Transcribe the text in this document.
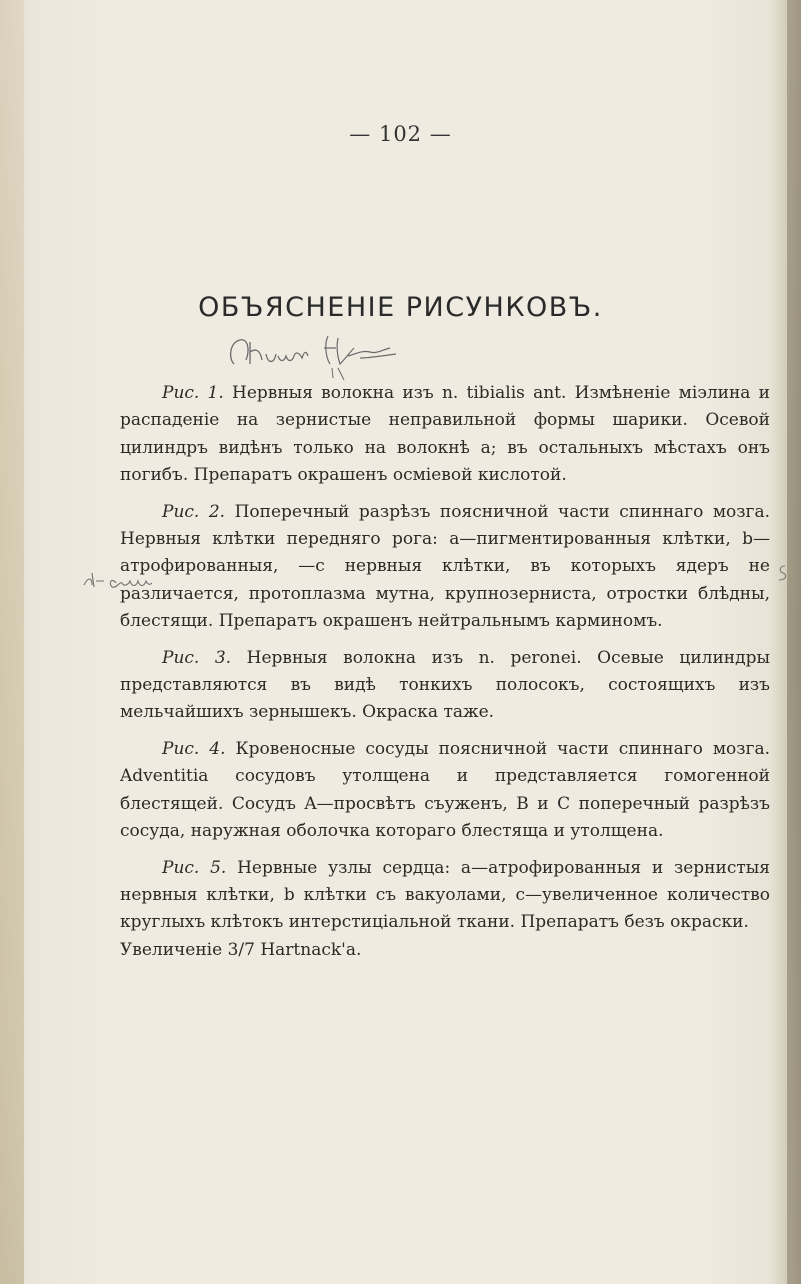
— 102 —
ОБЪЯСНЕНІЕ РИСУНКОВЪ.

Рис. 1. Нервныя волокна изъ n. tibialis ant. Измѣненіе міэлина и распаденіе на зернистые неправильной формы шарики. Осевой цилиндръ видѣнъ только на волокнѣ a; въ остальныхъ мѣстахъ онъ погибъ. Препаратъ окрашенъ осміевой кислотой.

Рис. 2. Поперечный разрѣзъ поясничной части спиннаго мозга. Нервныя клѣтки передняго рога: a—пигментированныя клѣтки, b—атрофированныя, —c нервныя клѣтки, въ которыхъ ядеръ не различается, протоплазма мутна, крупнозерниста, отростки блѣдны, блестящи. Препаратъ окрашенъ нейтральнымъ карминомъ.

Рис. 3. Нервныя волокна изъ n. peronei. Осевые цилиндры представляются въ видѣ тонкихъ полосокъ, состоящихъ изъ мельчайшихъ зернышекъ. Окраска таже.

Рис. 4. Кровеносные сосуды поясничной части спиннаго мозга. Adventitia сосудовъ утолщена и представляется гомогенной блестящей. Сосудъ A—просвѣтъ съуженъ, B и C поперечный разрѣзъ сосуда, наружная оболочка котораго блестяща и утолщена.

Рис. 5. Нервные узлы сердца: a—атрофированныя и зернистыя нервныя клѣтки, b клѣтки съ вакуолами, c—увеличенное количество круглыхъ клѣтокъ интерстиціальной ткани. Препаратъ безъ окраски.
Увеличеніе 3/7 Hartnack'a.
